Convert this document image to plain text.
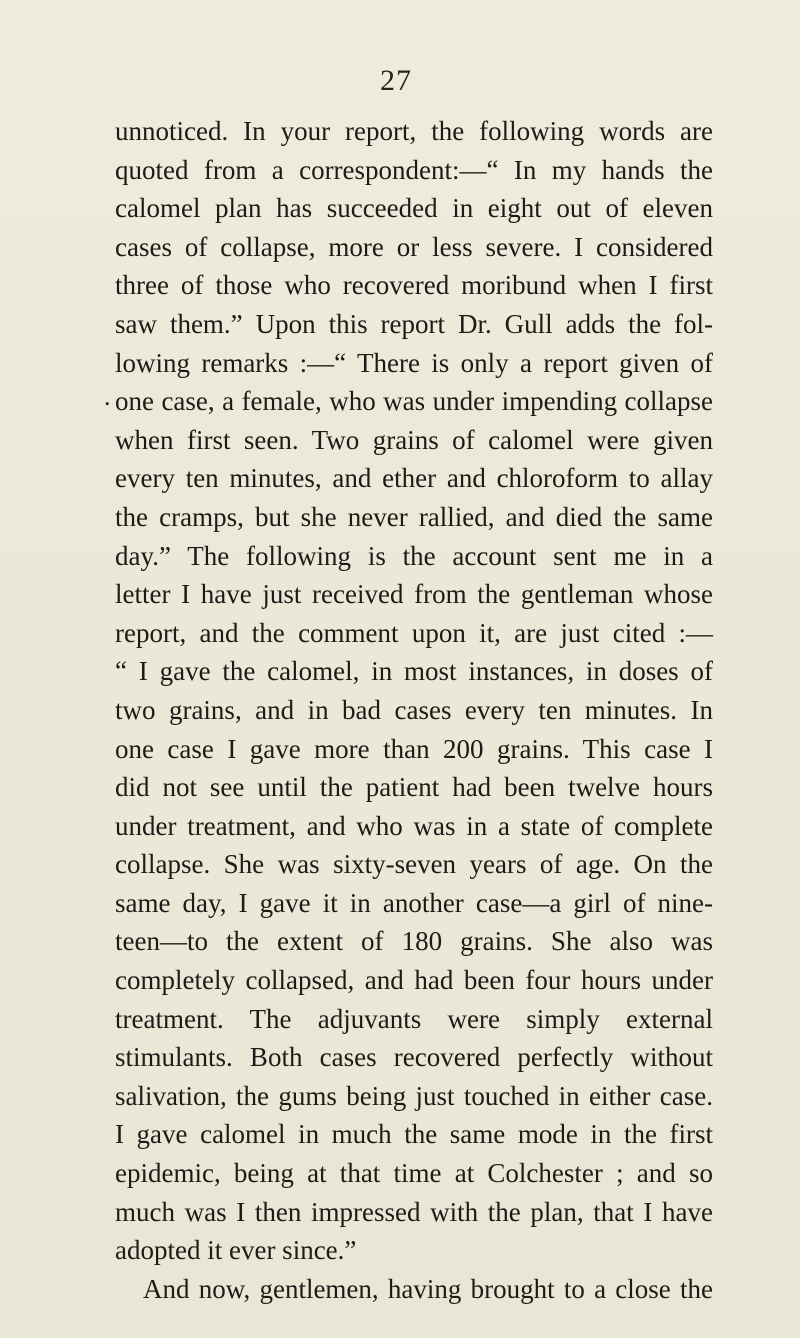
27
unnoticed. In your report, the following words are
quoted from a correspondent:—“ In my hands the
calomel plan has succeeded in eight out of eleven
cases of collapse, more or less severe. I considered
three of those who recovered moribund when I first
saw them.” Upon this report Dr. Gull adds the fol-
lowing remarks :—“ There is only a report given of
. one case, a female, who was under impending collapse
when first seen. Two grains of calomel were given
every ten minutes, and ether and chloroform to allay
the cramps, but she never rallied, and died the same
day.” The following is the account sent me in a
letter I have just received from the gentleman whose
report, and the comment upon it, are just cited :—
“ I gave the calomel, in most instances, in doses of
two grains, and in bad cases every ten minutes. In
one case I gave more than 200 grains. This case I
did not see until the patient had been twelve hours
under treatment, and who was in a state of complete
collapse. She was sixty-seven years of age. On the
same day, I gave it in another case—a girl of nine-
teen—to the extent of 180 grains. She also was
completely collapsed, and had been four hours under
treatment. The adjuvants were simply external
stimulants. Both cases recovered perfectly without
salivation, the gums being just touched in either case.
I gave calomel in much the same mode in the first
epidemic, being at that time at Colchester ; and so
much was I then impressed with the plan, that I have
adopted it ever since.”
And now, gentlemen, having brought to a close the
